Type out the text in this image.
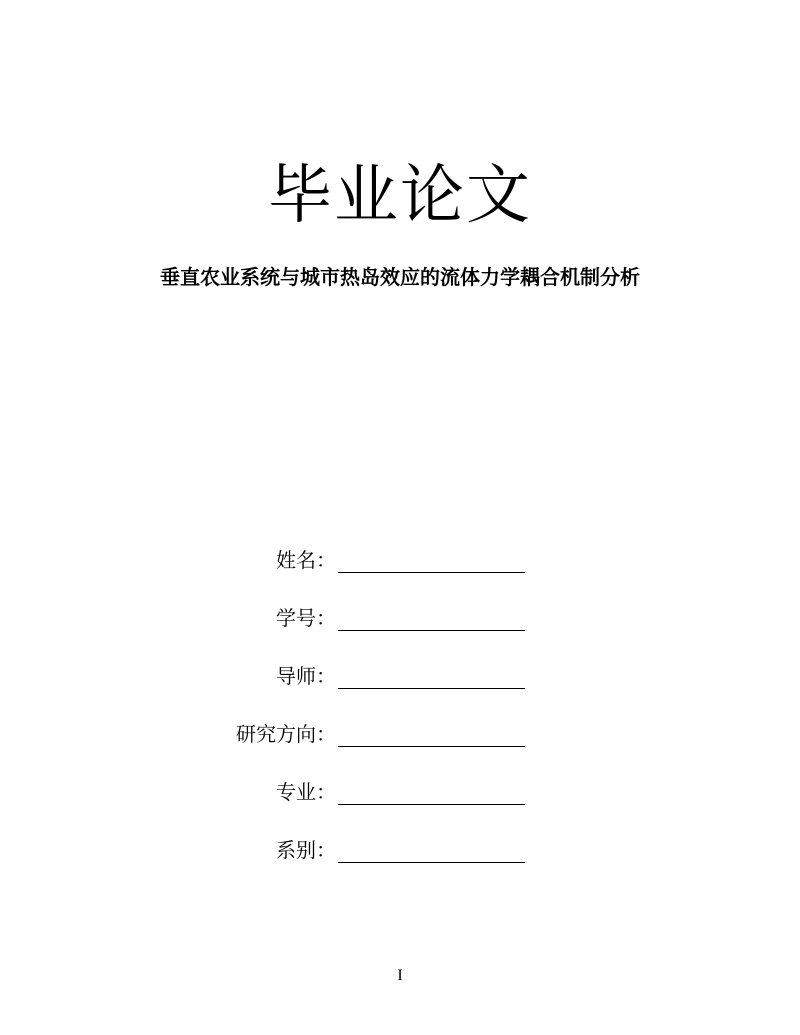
毕业论文
垂直农业系统与城市热岛效应的流体力学耦合机制分析
姓名：
学号：
导师：
研究方向：
专业：
系别：
I
